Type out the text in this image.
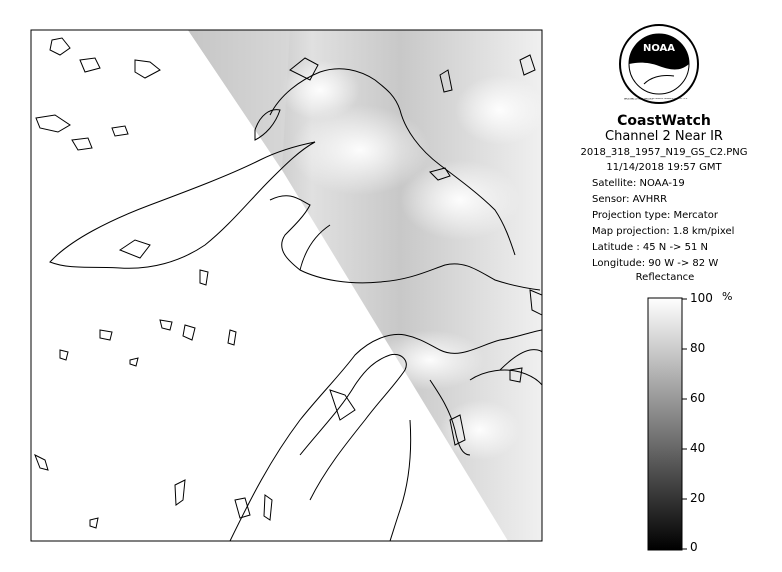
NOAA
NATIONAL OCEANIC AND ATMOSPHERIC ADMINISTRATION · U.S.
CoastWatch
Channel 2 Near IR
2018_318_1957_N19_GS_C2.PNG
11/14/2018 19:57 GMT
Satellite: NOAA-19
Sensor: AVHRR
Projection type: Mercator
Map projection: 1.8 km/pixel
Latitude : 45 N -> 51 N
Longitude: 90 W -> 82 W
Reflectance
%
100
80
60
40
20
0
